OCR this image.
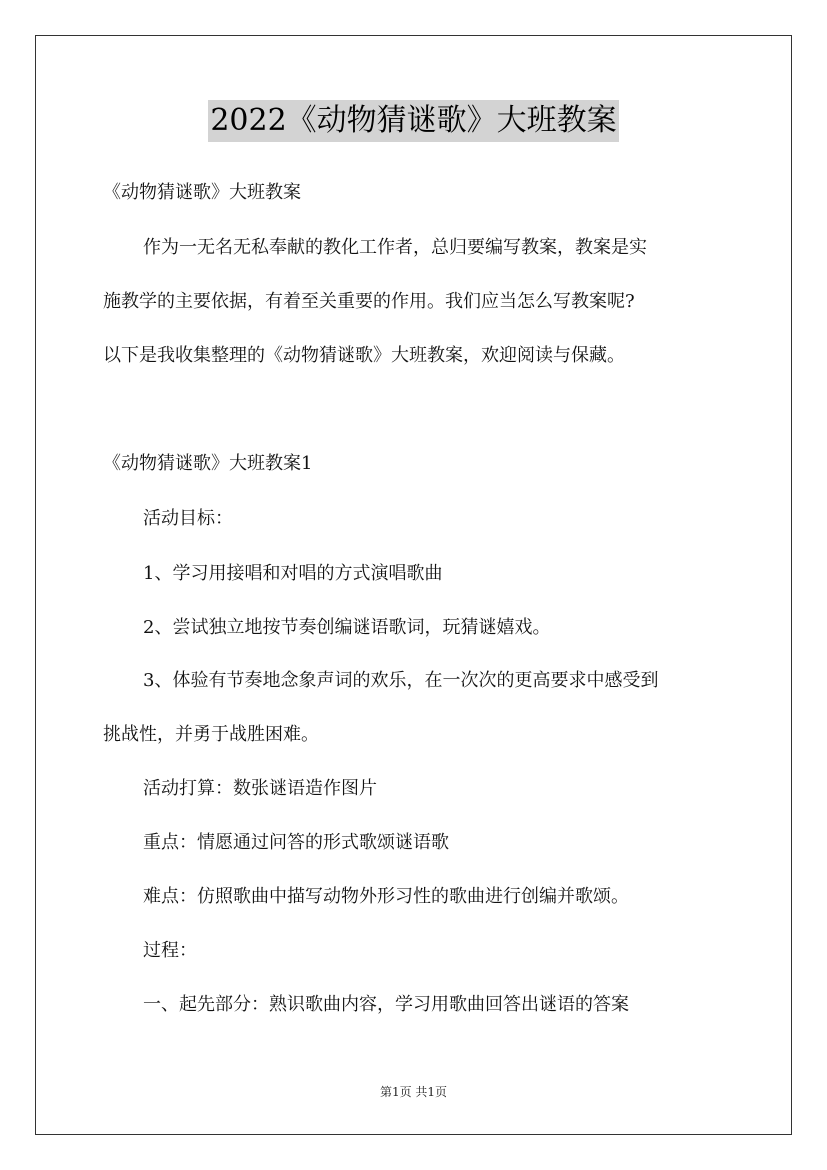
2022《动物猜谜歌》大班教案
《动物猜谜歌》大班教案
作为一无名无私奉献的教化工作者，总归要编写教案，教案是实
施教学的主要依据，有着至关重要的作用。我们应当怎么写教案呢?
以下是我收集整理的《动物猜谜歌》大班教案，欢迎阅读与保藏。
《动物猜谜歌》大班教案1
活动目标：
1、学习用接唱和对唱的方式演唱歌曲
2、尝试独立地按节奏创编谜语歌词，玩猜谜嬉戏。
3、体验有节奏地念象声词的欢乐，在一次次的更高要求中感受到
挑战性，并勇于战胜困难。
活动打算：数张谜语造作图片
重点：情愿通过问答的形式歌颂谜语歌
难点：仿照歌曲中描写动物外形习性的歌曲进行创编并歌颂。
过程：
一、起先部分：熟识歌曲内容，学习用歌曲回答出谜语的答案
第1页 共1页
